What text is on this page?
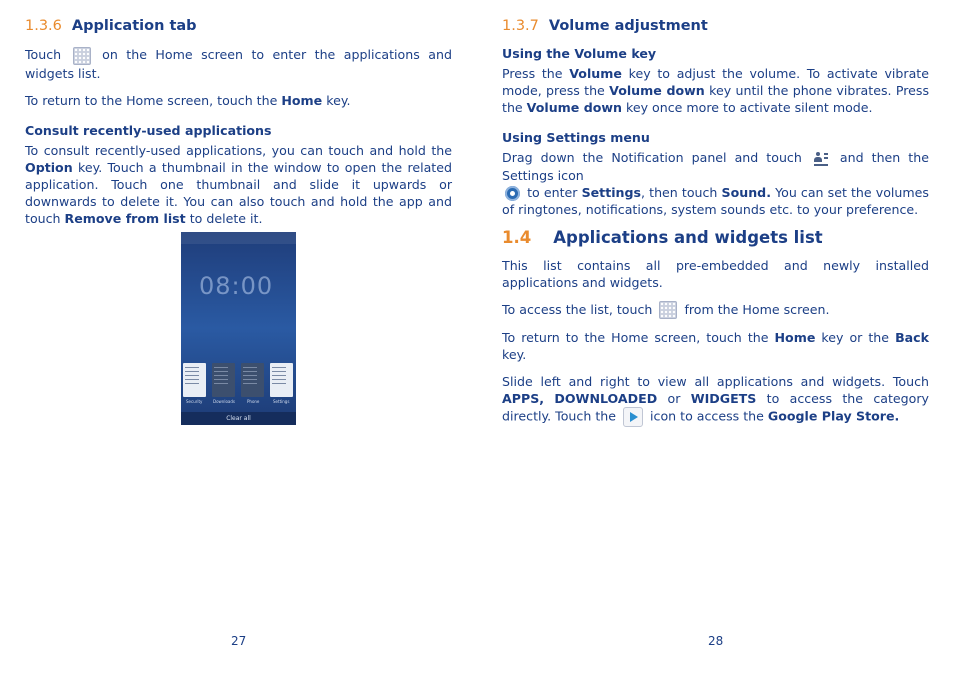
1.3.6 Application tab

Touch	on the Home screen to enter the applications and widgets list.

To return to the Home screen, touch the Home key.

Consult recently-used applications

To consult recently-used applications, you can touch and hold the Option key. Touch a thumbnail in the window to open the related application. Touch one thumbnail and slide it upwards or downwards to delete it. You can also touch and hold the app and touch Remove from list to delete it.

08:00
Security	Downloads	Phone	Settings
Clear all
27
1.3.7 Volume adjustment
Using the Volume key

Press the Volume key to adjust the volume. To activate vibrate mode, press the Volume down key until the phone vibrates. Press the Volume down key once more to activate silent mode.

Using Settings menu

Drag down the Notification panel and touch	and then the Settings icon
to enter Settings, then touch Sound. You can set the volumes of ringtones, notifications, system sounds etc. to your preference.

1.4 Applications and widgets list

This list contains all pre-embedded and newly installed applications and widgets.

To access the list, touch	from the Home screen.

To return to the Home screen, touch the Home key or the Back key.

Slide left and right to view all applications and widgets. Touch APPS, DOWNLOADED or WIDGETS to access the category directly. Touch the	icon to access the Google Play Store.

28
